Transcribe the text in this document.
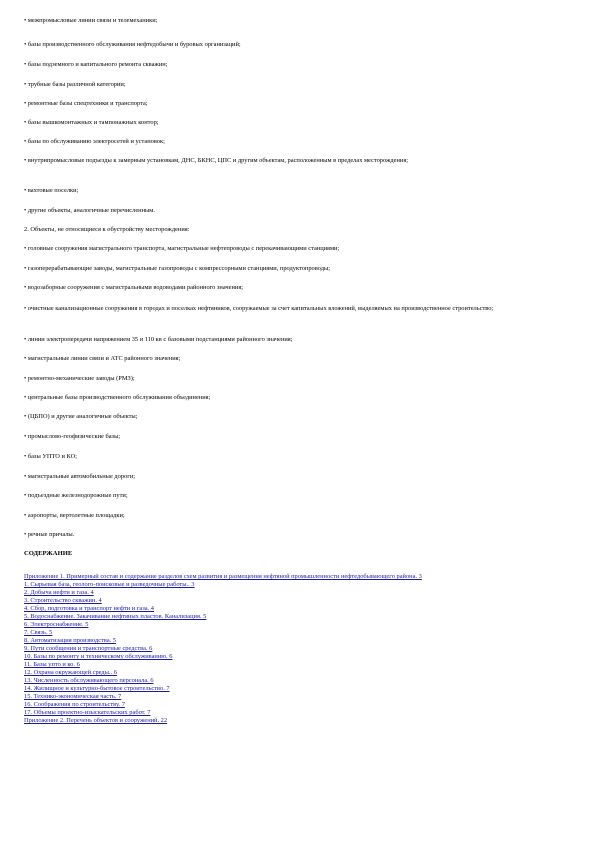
• межпромысловые линии связи и телемеханики;

• базы производственного обслуживания нефтедобычи и буровых организаций;

• базы подземного и капитального ремонта скважин;

• трубные базы различной категории;

• ремонтные базы спецтехники и транспорта;

• базы вышкомонтажных и тампонажных контор;

• базы по обслуживанию электросетей и установок;

• внутрипромысловые подъезды к замерным установкам, ДНС, БКНС, ЦПС и другим объектам, расположенным в пределах месторождения;

• вахтовые поселки;

• другие объекты, аналогичные перечисленным.

2. Объекты, не относящиеся к обустройству месторождения:

• головные сооружения магистрального транспорта, магистральные нефтепроводы с перекачивающими станциями;

• газоперерабатывающие заводы, магистральные газопроводы с компрессорными станциями, продуктопроводы;

• водозаборные сооружения с магистральными водоводами районного значения;

• очистные канализационные сооружения в городах и поселках нефтяников, сооружаемые за счет капитальных вложений, выделяемых на производственное строительство;

• линии электропередачи напряжением 35 и 110 кв с базовыми подстанциями районного значения;

• магистральные линии связи и АТС районного значения;

• ремонтно-механические заводы (РМЗ);

• центральные базы производственного обслуживания объединения;

• (ЦБПО) и другие аналогичные объекты;

• промыслово-геофизические базы;

• базы УПТО и КО;

• магистральные автомобильные дороги;

• подъездные железнодорожные пути;

• аэропорты, вертолетные площадки;

• речные причалы.

СОДЕРЖАНИЕ

Приложение 1. Примерный состав и содержание разделов схем развития и размещения нефтяной промышленности нефтедобывающего района. 3
1. Сырьевая база, геолого-поисковые и разведочные работы.. 3
2. Добыча нефти и газа. 4
3. Строительство скважин. 4
4. Сбор, подготовка и транспорт нефти и газа. 4
5. Водоснабжение. Закачивание нефтяных пластов. Канализация. 5
6. Электроснабжение. 5
7. Связь. 5
8. Автоматизация производства. 5
9. Пути сообщения и транспортные средства. 6
10. Базы по ремонту и техническому обслуживанию. 6
11. Базы упто и ко. 6
12. Охрана окружающей среды.. 6
13. Численность обслуживающего персонала. 6
14. Жилищное и культурно-бытовое строительство. 7
15. Технико-экономическая часть. 7
16. Соображения по строительству. 7
17. Объемы проектно-изыскательских работ. 7
Приложение 2. Перечень объектов и сооружений. 22
